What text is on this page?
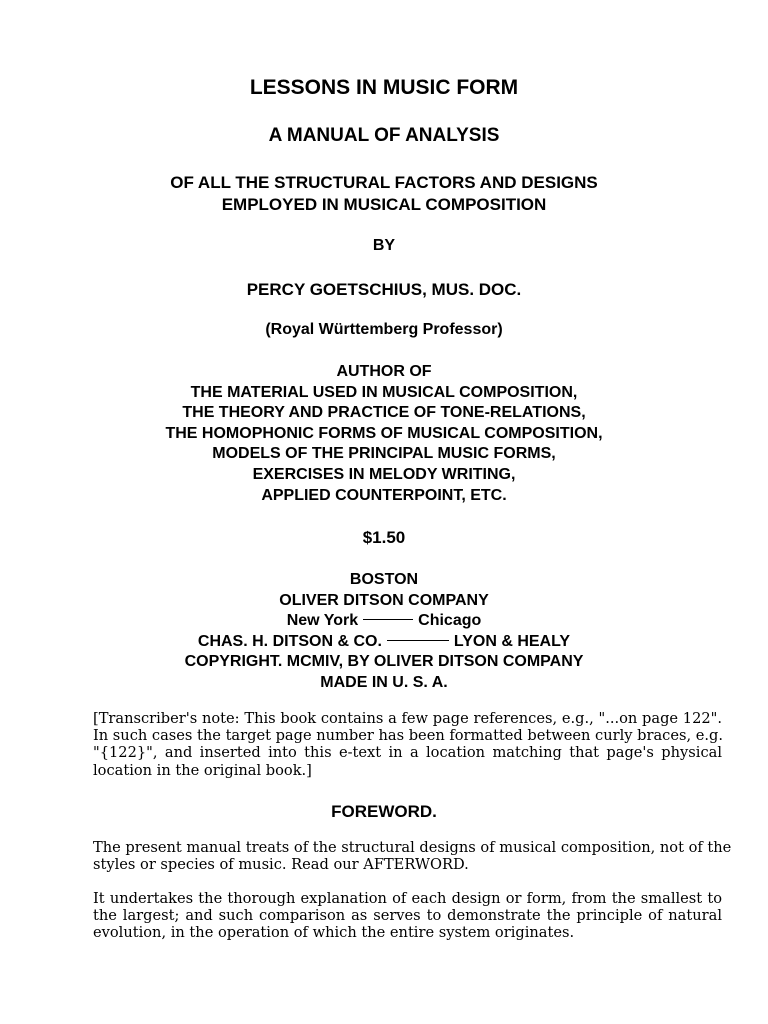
LESSONS IN MUSIC FORM
A MANUAL OF ANALYSIS
OF ALL THE STRUCTURAL FACTORS AND DESIGNS
EMPLOYED IN MUSICAL COMPOSITION
BY
PERCY GOETSCHIUS, MUS. DOC.
(Royal Württemberg Professor)
AUTHOR OF
THE MATERIAL USED IN MUSICAL COMPOSITION,
THE THEORY AND PRACTICE OF TONE-RELATIONS,
THE HOMOPHONIC FORMS OF MUSICAL COMPOSITION,
MODELS OF THE PRINCIPAL MUSIC FORMS,
EXERCISES IN MELODY WRITING,
APPLIED COUNTERPOINT, ETC.
$1.50
BOSTON
OLIVER DITSON COMPANY
New York	Chicago
CHAS. H. DITSON & CO.	LYON & HEALY
COPYRIGHT. MCMIV, BY OLIVER DITSON COMPANY
MADE IN U. S. A.
[Transcriber's note: This book contains a few page references, e.g., "...on page 122".
In such cases the target page number has been formatted between curly braces, e.g.
"{122}", and inserted into this e-text in a location matching that page's physical
location in the original book.]
FOREWORD.
The present manual treats of the structural designs of musical composition, not of the
styles or species of music. Read our AFTERWORD.
It undertakes the thorough explanation of each design or form, from the smallest to
the largest; and such comparison as serves to demonstrate the principle of natural
evolution, in the operation of which the entire system originates.
